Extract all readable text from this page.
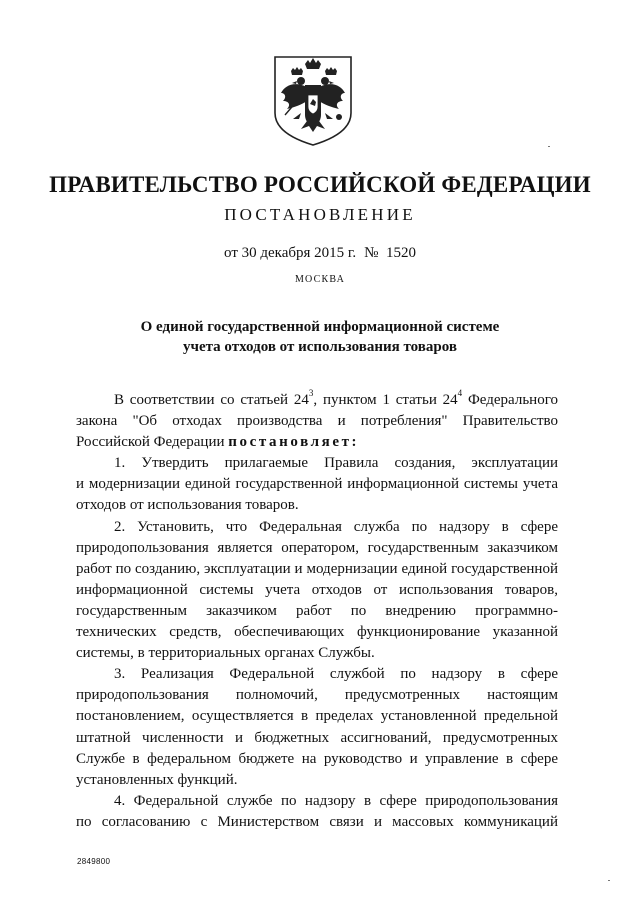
ПРАВИТЕЛЬСТВО РОССИЙСКОЙ ФЕДЕРАЦИИ
ПОСТАНОВЛЕНИЕ
от 30 декабря 2015 г. № 1520
МОСКВА
О единой государственной информационной системе
учета отходов от использования товаров

В соответствии со статьей $24^3$, пунктом 1 статьи $24^4$ Федерального
закона "Об отходах производства и потребления" Правительство
Российской Федерации постановляет:

1. Утвердить прилагаемые Правила создания, эксплуатации
и модернизации единой государственной информационной системы учета
отходов от использования товаров.

2. Установить, что Федеральная служба по надзору в сфере
природопользования является оператором, государственным заказчиком
работ по созданию, эксплуатации и модернизации единой государственной
информационной системы учета отходов от использования товаров,
государственным заказчиком работ по внедрению программно-
технических средств, обеспечивающих функционирование указанной
системы, в территориальных органах Службы.

3. Реализация Федеральной службой по надзору в сфере
природопользования полномочий, предусмотренных настоящим
постановлением, осуществляется в пределах установленной предельной
штатной численности и бюджетных ассигнований, предусмотренных
Службе в федеральном бюджете на руководство и управление в сфере
установленных функций.

4. Федеральной службе по надзору в сфере природопользования
по согласованию с Министерством связи и массовых коммуникаций

2849800
